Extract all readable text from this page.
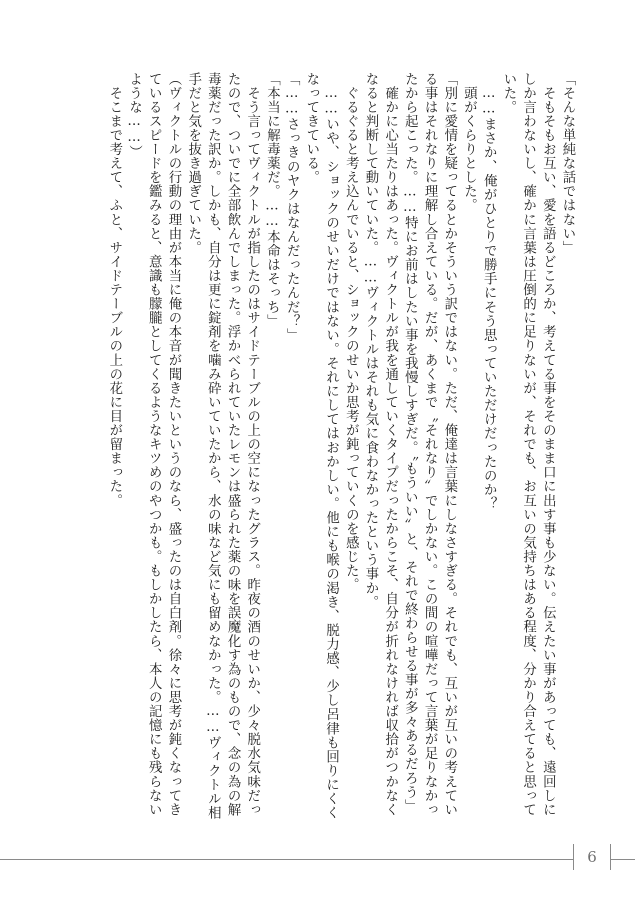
「そんな単純な話ではない」

　そもそもお互い、愛を語るどころか、考えてる事をそのまま口に出す事も少ない。伝えたい事があっても、遠回しに

しか言わないし、確かに言葉は圧倒的に足りないが、それでも、お互いの気持ちはある程度、分かり合えてると思って

いた。

　……まさか、俺がひとりで勝手にそう思っていただけだったのか？

　頭がくらりとした。

「別に愛情を疑ってるとかそういう訳ではない。ただ、俺達は言葉にしなさすぎる。それでも、互いが互いの考えてい

る事はそれなりに理解し合えている。だが、あくまで〝それなり〟でしかない。この間の喧嘩だって言葉が足りなかっ

たから起こった。……特にお前はしたい事を我慢しすぎだ。〝もういい〟と、それで終わらせる事が多々あるだろう」

　確かに心当たりはあった。ヴィクトルが我を通していくタイプだったからこそ、自分が折れなければ収拾がつかなく

なると判断して動いていた。……ヴィクトルはそれも気に食わなかったという事か。

　ぐるぐると考え込んでいると、ショックのせいか思考が鈍っていくのを感じた。

　……いや、ショックのせいだけではない。それにしてはおかしい。他にも喉の渇き、脱力感、少し呂律も回りにくく

なってきている。

「……さっきのヤクはなんだったんだ？」

「本当に解毒薬だ。……本命はそっち」

　そう言ってヴィクトルが指したのはサイドテーブルの上の空になったグラス。昨夜の酒のせいか、少々脱水気味だっ

たので、ついでに全部飲んでしまった。浮かべられていたレモンは盛られた薬の味を誤魔化す為のもので、念の為の解

毒薬だった訳か。しかも、自分は更に錠剤を噛み砕いていたから、水の味など気にも留めなかった。……ヴィクトル相

手だと気を抜き過ぎていた。

（ヴィクトルの行動の理由が本当に俺の本音が聞きたいというのなら、盛ったのは自白剤。徐々に思考が鈍くなってき

ているスピードを鑑みると、意識も朦朧としてくるようなキツめのやつかも。もしかしたら、本人の記憶にも残らない

ような……）

　そこまで考えて、ふと、サイドテーブルの上の花に目が留まった。

6
